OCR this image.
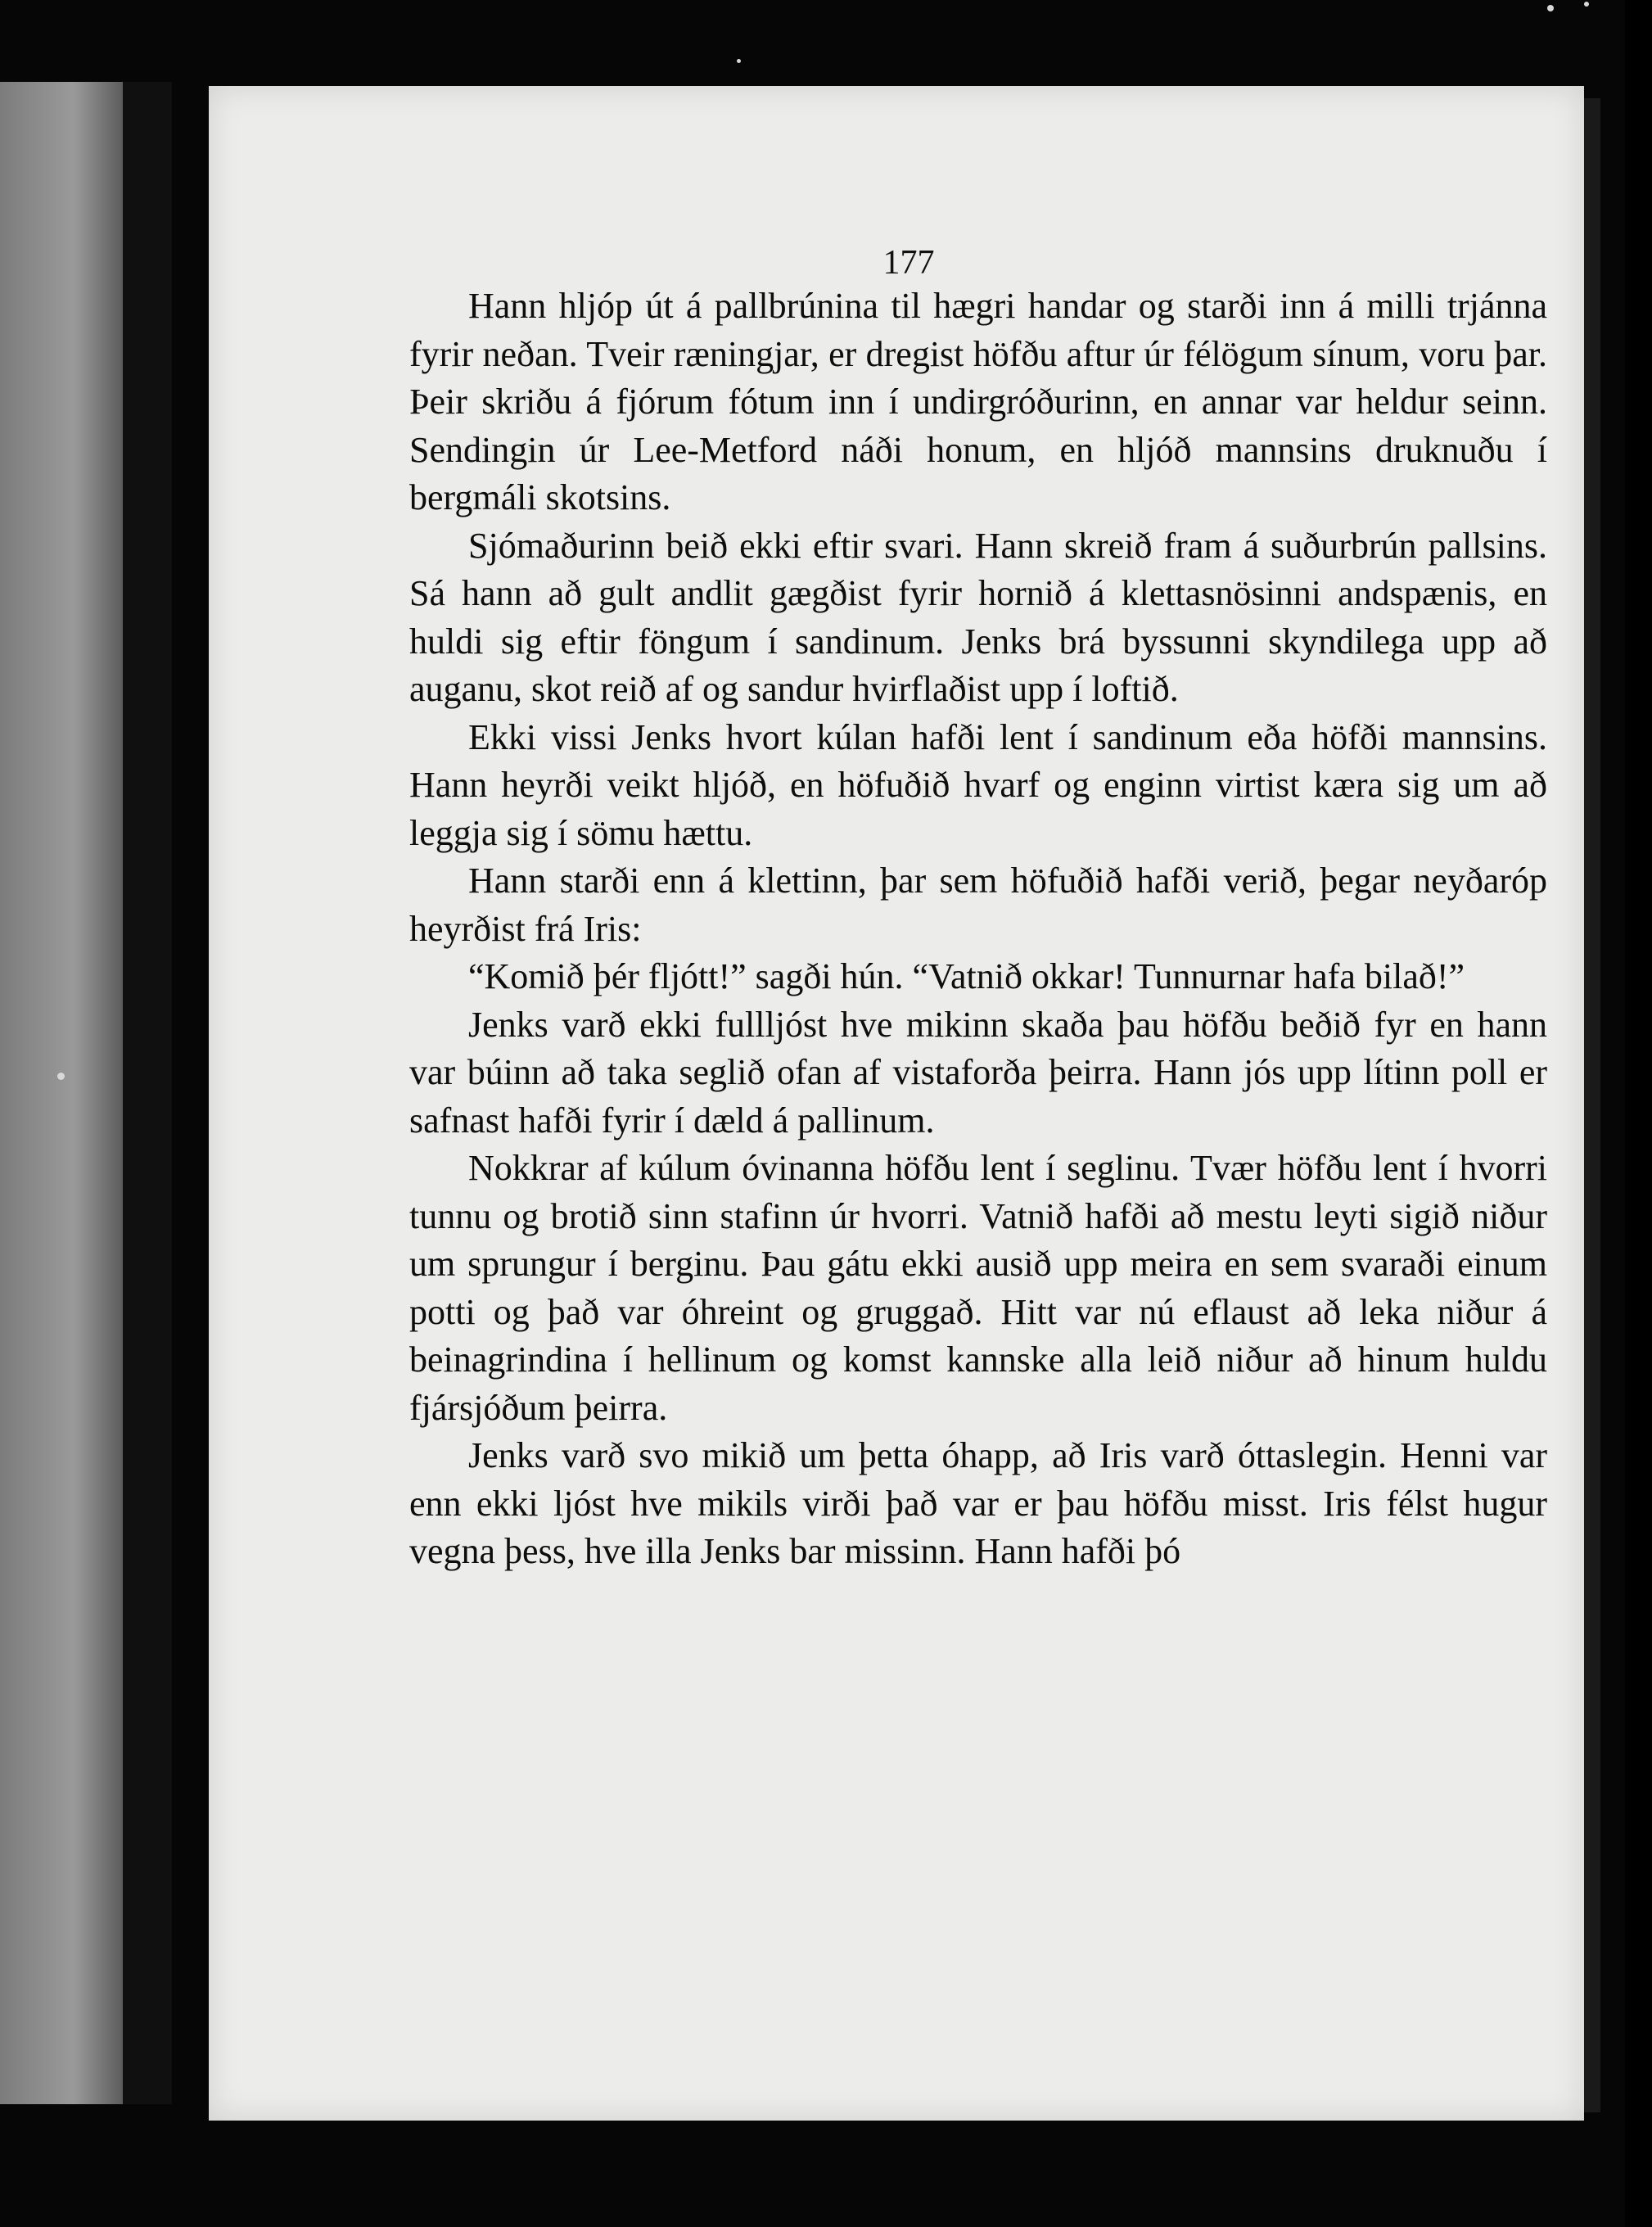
177

Hann hljóp út á pallbrúnina til hægri handar og starði inn á milli trjánna fyrir neðan. Tveir ræningjar, er dregist höfðu aftur úr félögum sínum, voru þar. Þeir skriðu á fjórum fótum inn í undirgróðurinn, en annar var heldur seinn. Sendingin úr Lee-Metford náði honum, en hljóð mannsins druknuðu í bergmáli skotsins.

Sjómaðurinn beið ekki eftir svari. Hann skreið fram á suðurbrún pallsins. Sá hann að gult andlit gægðist fyrir hornið á klettasnösinni andspænis, en huldi sig eftir föngum í sandinum. Jenks brá byssunni skyndilega upp að auganu, skot reið af og sandur hvirflaðist upp í loftið.

Ekki vissi Jenks hvort kúlan hafði lent í sandinum eða höfði mannsins. Hann heyrði veikt hljóð, en höfuðið hvarf og enginn virtist kæra sig um að leggja sig í sömu hættu.

Hann starði enn á klettinn, þar sem höfuðið hafði verið, þegar neyðaróp heyrðist frá Iris:

“Komið þér fljótt!” sagði hún. “Vatnið okkar! Tunnurnar hafa bilað!”

Jenks varð ekki fullljóst hve mikinn skaða þau höfðu beðið fyr en hann var búinn að taka seglið ofan af vistaforða þeirra. Hann jós upp lítinn poll er safnast hafði fyrir í dæld á pallinum.

Nokkrar af kúlum óvinanna höfðu lent í seglinu. Tvær höfðu lent í hvorri tunnu og brotið sinn stafinn úr hvorri. Vatnið hafði að mestu leyti sigið niður um sprungur í berginu. Þau gátu ekki ausið upp meira en sem svaraði einum potti og það var óhreint og gruggað. Hitt var nú eflaust að leka niður á beinagrindina í hellinum og komst kannske alla leið niður að hinum huldu fjársjóðum þeirra.

Jenks varð svo mikið um þetta óhapp, að Iris varð óttaslegin. Henni var enn ekki ljóst hve mikils virði það var er þau höfðu misst. Iris félst hugur vegna þess, hve illa Jenks bar missinn. Hann hafði þó
